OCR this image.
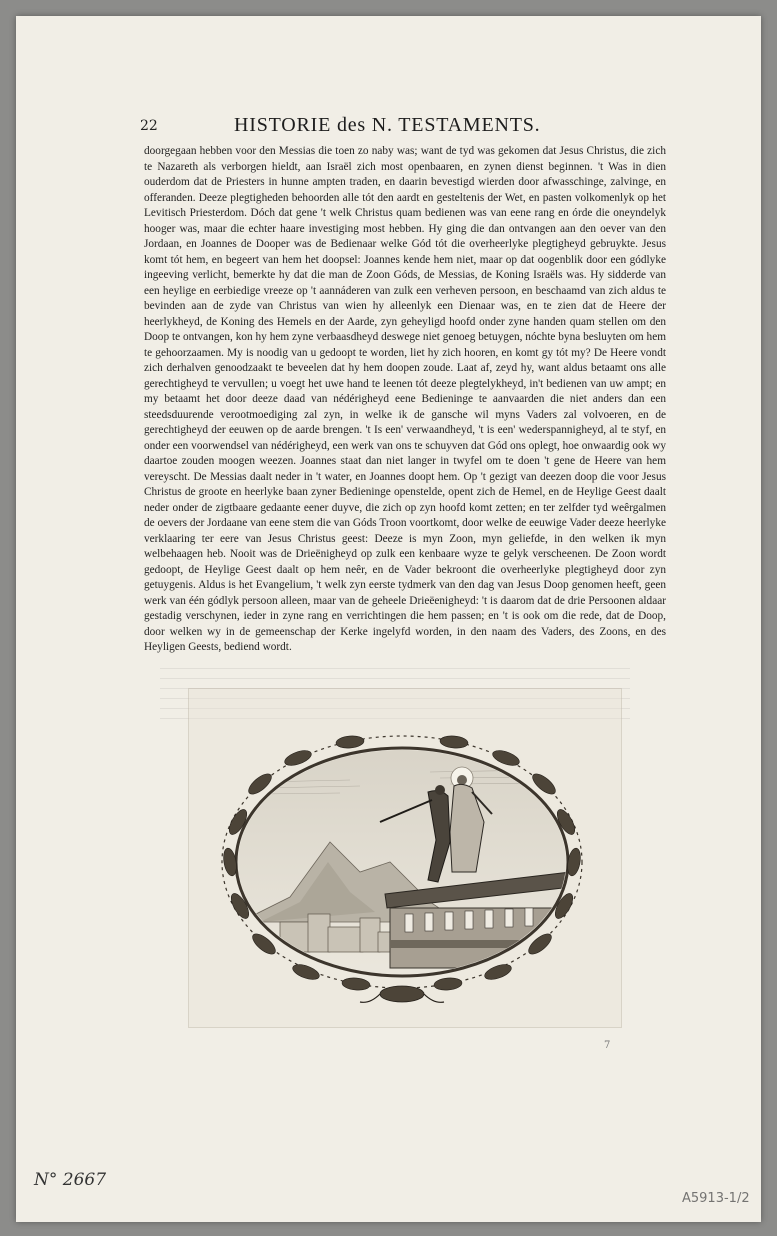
22	HISTORIE des N. TESTAMENTS.
doorgegaan hebben voor den Messias die toen zo naby was; want de tyd was gekomen dat Jesus Christus, die zich te Nazareth als verborgen hieldt, aan Israël zich most openbaaren, en zynen dienst beginnen. 't Was in dien ouderdom dat de Priesters in hunne ampten traden, en daarin bevestigd wierden door afwasschinge, zalvinge, en offeranden. Deeze plegtigheden behoorden alle tót den aardt en gesteltenis der Wet, en pasten volkomenlyk op het Levitisch Priesterdom. Dóch dat gene 't welk Christus quam bedienen was van eene rang en órde die oneyndelyk hooger was, maar die echter haare investiging most hebben. Hy ging die dan ontvangen aan den oever van den Jordaan, en Joannes de Dooper was de Bedienaar welke Gód tót die overheerlyke plegtigheyd gebruykte. Jesus komt tót hem, en begeert van hem het doopsel: Joannes kende hem niet, maar op dat oogenblik door een gódlyke ingeeving verlicht, bemerkte hy dat die man de Zoon Góds, de Messias, de Koning Israëls was. Hy sidderde van een heylige en eerbiedige vreeze op 't aannáderen van zulk een verheven persoon, en beschaamd van zich aldus te bevinden aan de zyde van Christus van wien hy alleenlyk een Dienaar was, en te zien dat de Heere der heerlykheyd, de Koning des Hemels en der Aarde, zyn geheyligd hoofd onder zyne handen quam stellen om den Doop te ontvangen, kon hy hem zyne verbaasdheyd deswege niet genoeg betuygen, nóchte byna besluyten om hem te gehoorzaamen. My is noodig van u gedoopt te worden, liet hy zich hooren, en komt gy tót my? De Heere vondt zich derhalven genoodzaakt te beveelen dat hy hem doopen zoude. Laat af, zeyd hy, want aldus betaamt ons alle gerechtigheyd te vervullen; u voegt het uwe hand te leenen tót deeze plegtelykheyd, in't bedienen van uw ampt; en my betaamt het door deeze daad van nédérigheyd eene Bedieninge te aanvaarden die niet anders dan een steedsduurende verootmoediging zal zyn, in welke ik de gansche wil myns Vaders zal volvoeren, en de gerechtigheyd der eeuwen op de aarde brengen. 't Is een' verwaandheyd, 't is een' wederspannigheyd, al te styf, en onder een voorwendsel van nédérigheyd, een werk van ons te schuyven dat Gód ons oplegt, hoe onwaardig ook wy daartoe zouden moogen weezen. Joannes staat dan niet langer in twyfel om te doen 't gene de Heere van hem vereyscht. De Messias daalt neder in 't water, en Joannes doopt hem. Op 't gezigt van deezen doop die voor Jesus Christus de groote en heerlyke baan zyner Bedieninge openstelde, opent zich de Hemel, en de Heylige Geest daalt neder onder de zigtbaare gedaante eener duyve, die zich op zyn hoofd komt zetten; en ter zelfder tyd weêrgalmen de oevers der Jordaane van eene stem die van Góds Troon voortkomt, door welke de eeuwige Vader deeze heerlyke verklaaring ter eere van Jesus Christus geest: Deeze is myn Zoon, myn geliefde, in den welken ik myn welbehaagen heb. Nooit was de Drieënigheyd op zulk een kenbaare wyze te gelyk verscheenen. De Zoon wordt gedoopt, de Heylige Geest daalt op hem neêr, en de Vader bekroont die overheerlyke plegtigheyd door zyn getuygenis. Aldus is het Evangelium, 't welk zyn eerste tydmerk van den dag van Jesus Doop genomen heeft, geen werk van één gódlyk persoon alleen, maar van de geheele Drieëenigheyd: 't is daarom dat de drie Persoonen aldaar gestadig verschynen, ieder in zyne rang en verrichtingen die hem passen; en 't is ook om die rede, dat de Doop, door welken wy in de gemeenschap der Kerke ingelyfd worden, in den naam des Vaders, des Zoons, en des Heyligen Geests, bediend wordt.
7
N° 2667
A5913-1/2
